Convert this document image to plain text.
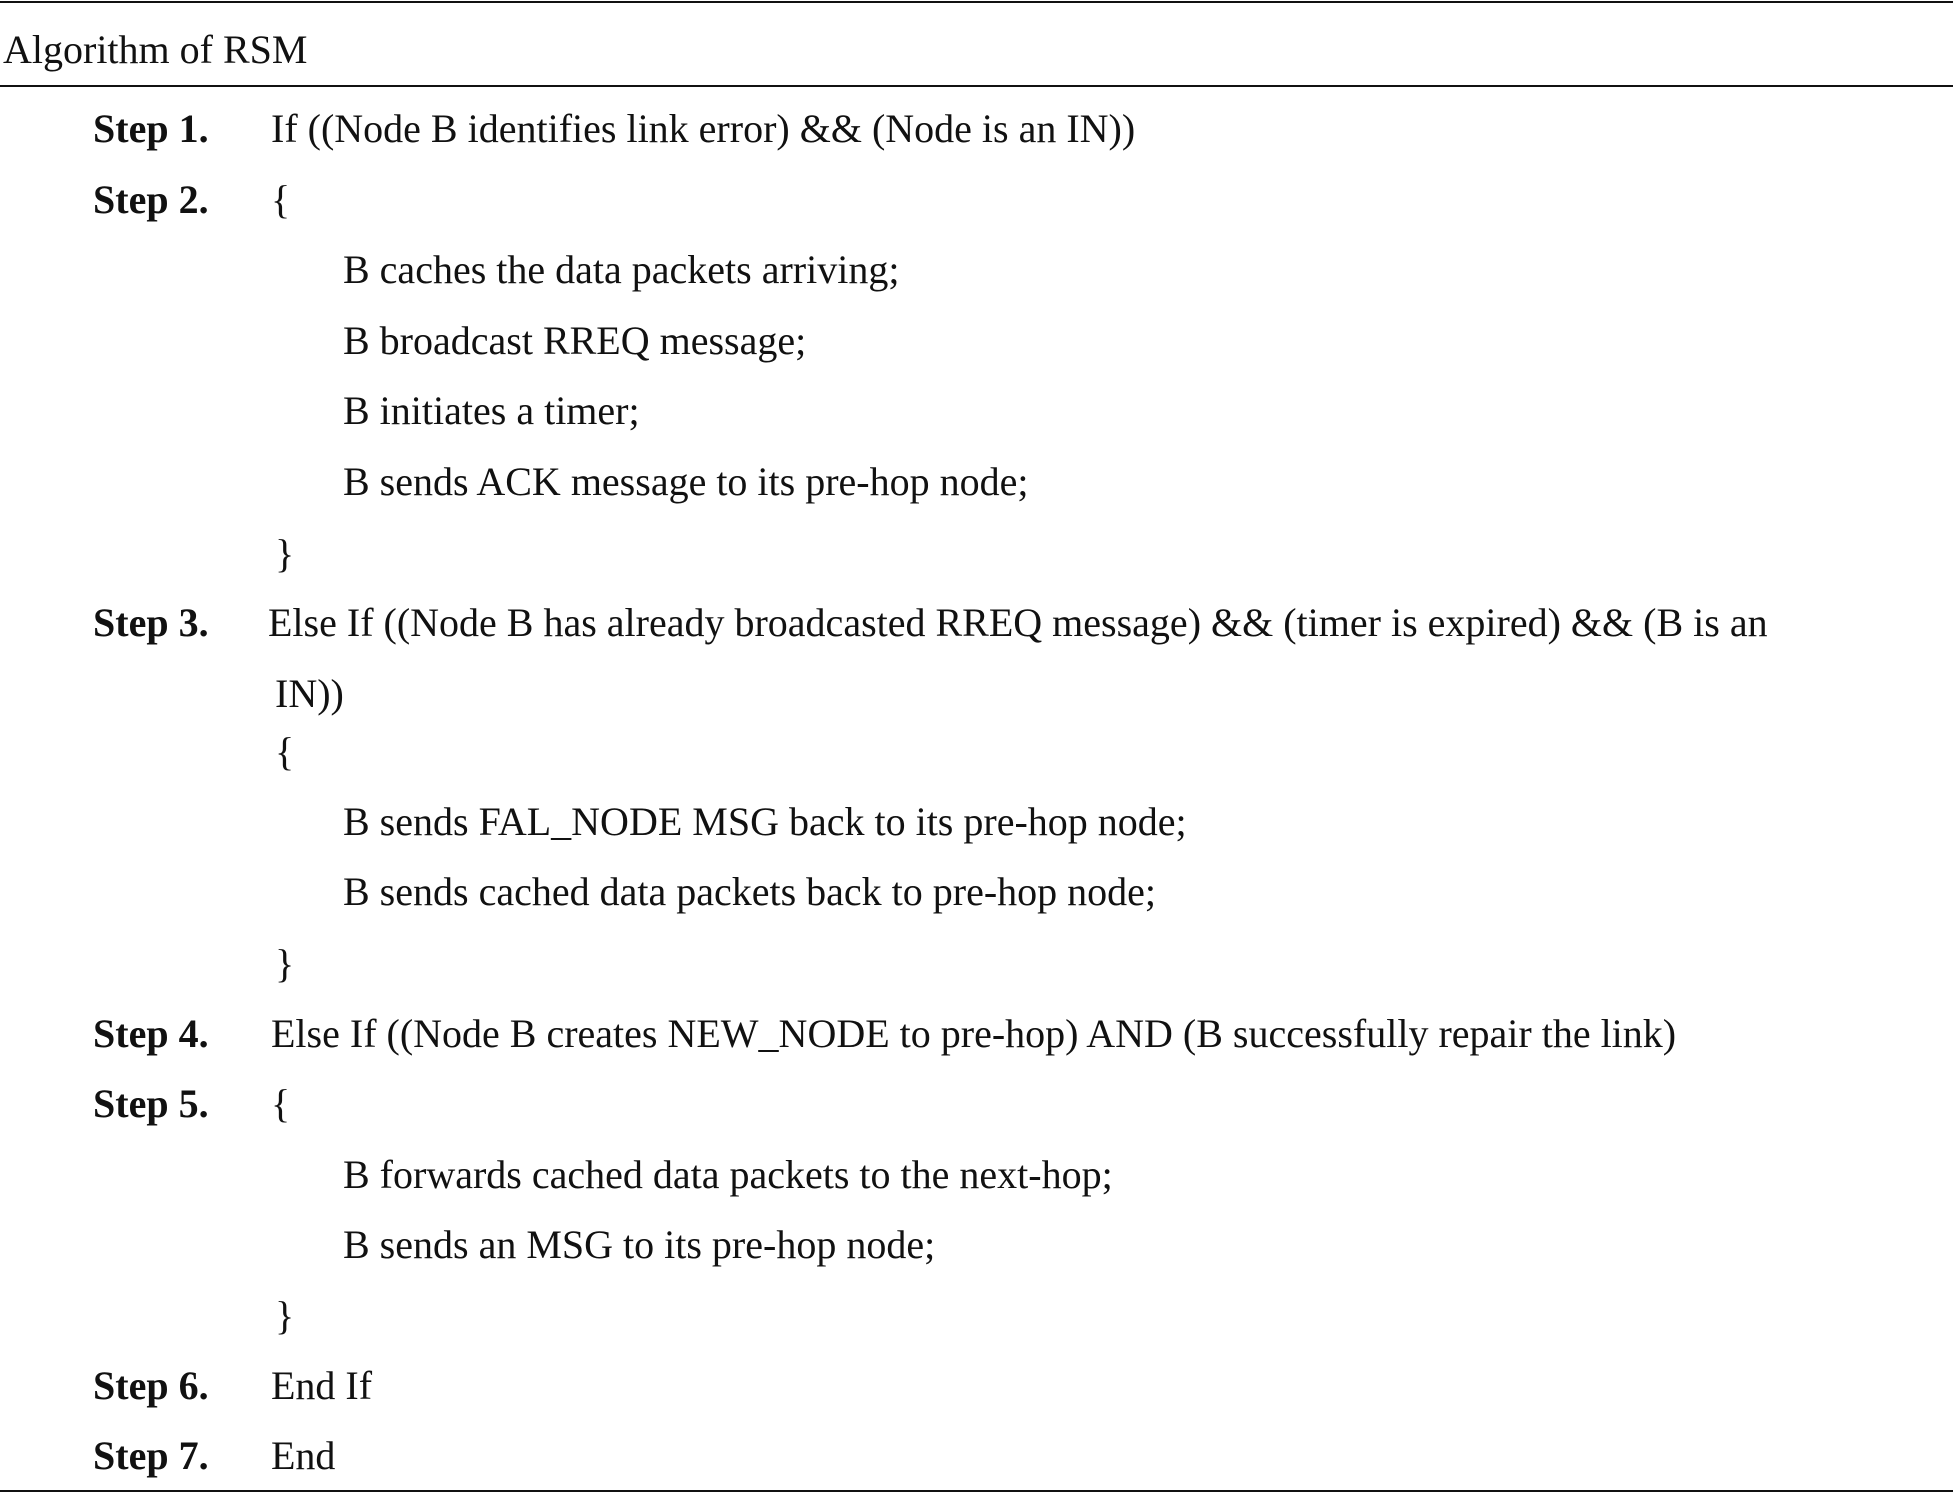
Algorithm of RSM
Step 1. If ((Node B identifies link error) && (Node is an IN))
Step 2. {
B caches the data packets arriving;
B broadcast RREQ message;
B initiates a timer;
B sends ACK message to its pre-hop node;
}
Step 3. Else If ((Node B has already broadcasted RREQ message) && (timer is expired) && (B is an
IN))
{
B sends FAL_NODE MSG back to its pre-hop node;
B sends cached data packets back to pre-hop node;
}
Step 4. Else If ((Node B creates NEW_NODE to pre-hop) AND (B successfully repair the link)
Step 5. {
B forwards cached data packets to the next-hop;
B sends an MSG to its pre-hop node;
}
Step 6. End If
Step 7. End
